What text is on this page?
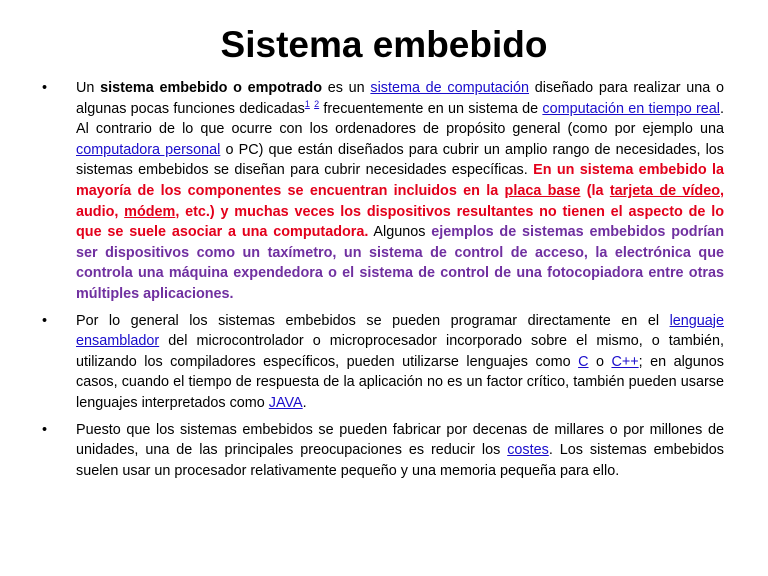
Sistema embebido
• Un sistema embebido o empotrado es un sistema de computación diseñado para realizar una o algunas pocas funciones dedicadas$^1$ $^2$ frecuentemente en un sistema de computación en tiempo real. Al contrario de lo que ocurre con los ordenadores de propósito general (como por ejemplo una computadora personal o PC) que están diseñados para cubrir un amplio rango de necesidades, los sistemas embebidos se diseñan para cubrir necesidades específicas. En un sistema embebido la mayoría de los componentes se encuentran incluidos en la placa base (la tarjeta de vídeo, audio, módem, etc.) y muchas veces los dispositivos resultantes no tienen el aspecto de lo que se suele asociar a una computadora. Algunos ejemplos de sistemas embebidos podrían ser dispositivos como un taxímetro, un sistema de control de acceso, la electrónica que controla una máquina expendedora o el sistema de control de una fotocopiadora entre otras múltiples aplicaciones.
• Por lo general los sistemas embebidos se pueden programar directamente en el lenguaje ensamblador del microcontrolador o microprocesador incorporado sobre el mismo, o también, utilizando los compiladores específicos, pueden utilizarse lenguajes como C o C++; en algunos casos, cuando el tiempo de respuesta de la aplicación no es un factor crítico, también pueden usarse lenguajes interpretados como JAVA.
• Puesto que los sistemas embebidos se pueden fabricar por decenas de millares o por millones de unidades, una de las principales preocupaciones es reducir los costes. Los sistemas embebidos suelen usar un procesador relativamente pequeño y una memoria pequeña para ello.
